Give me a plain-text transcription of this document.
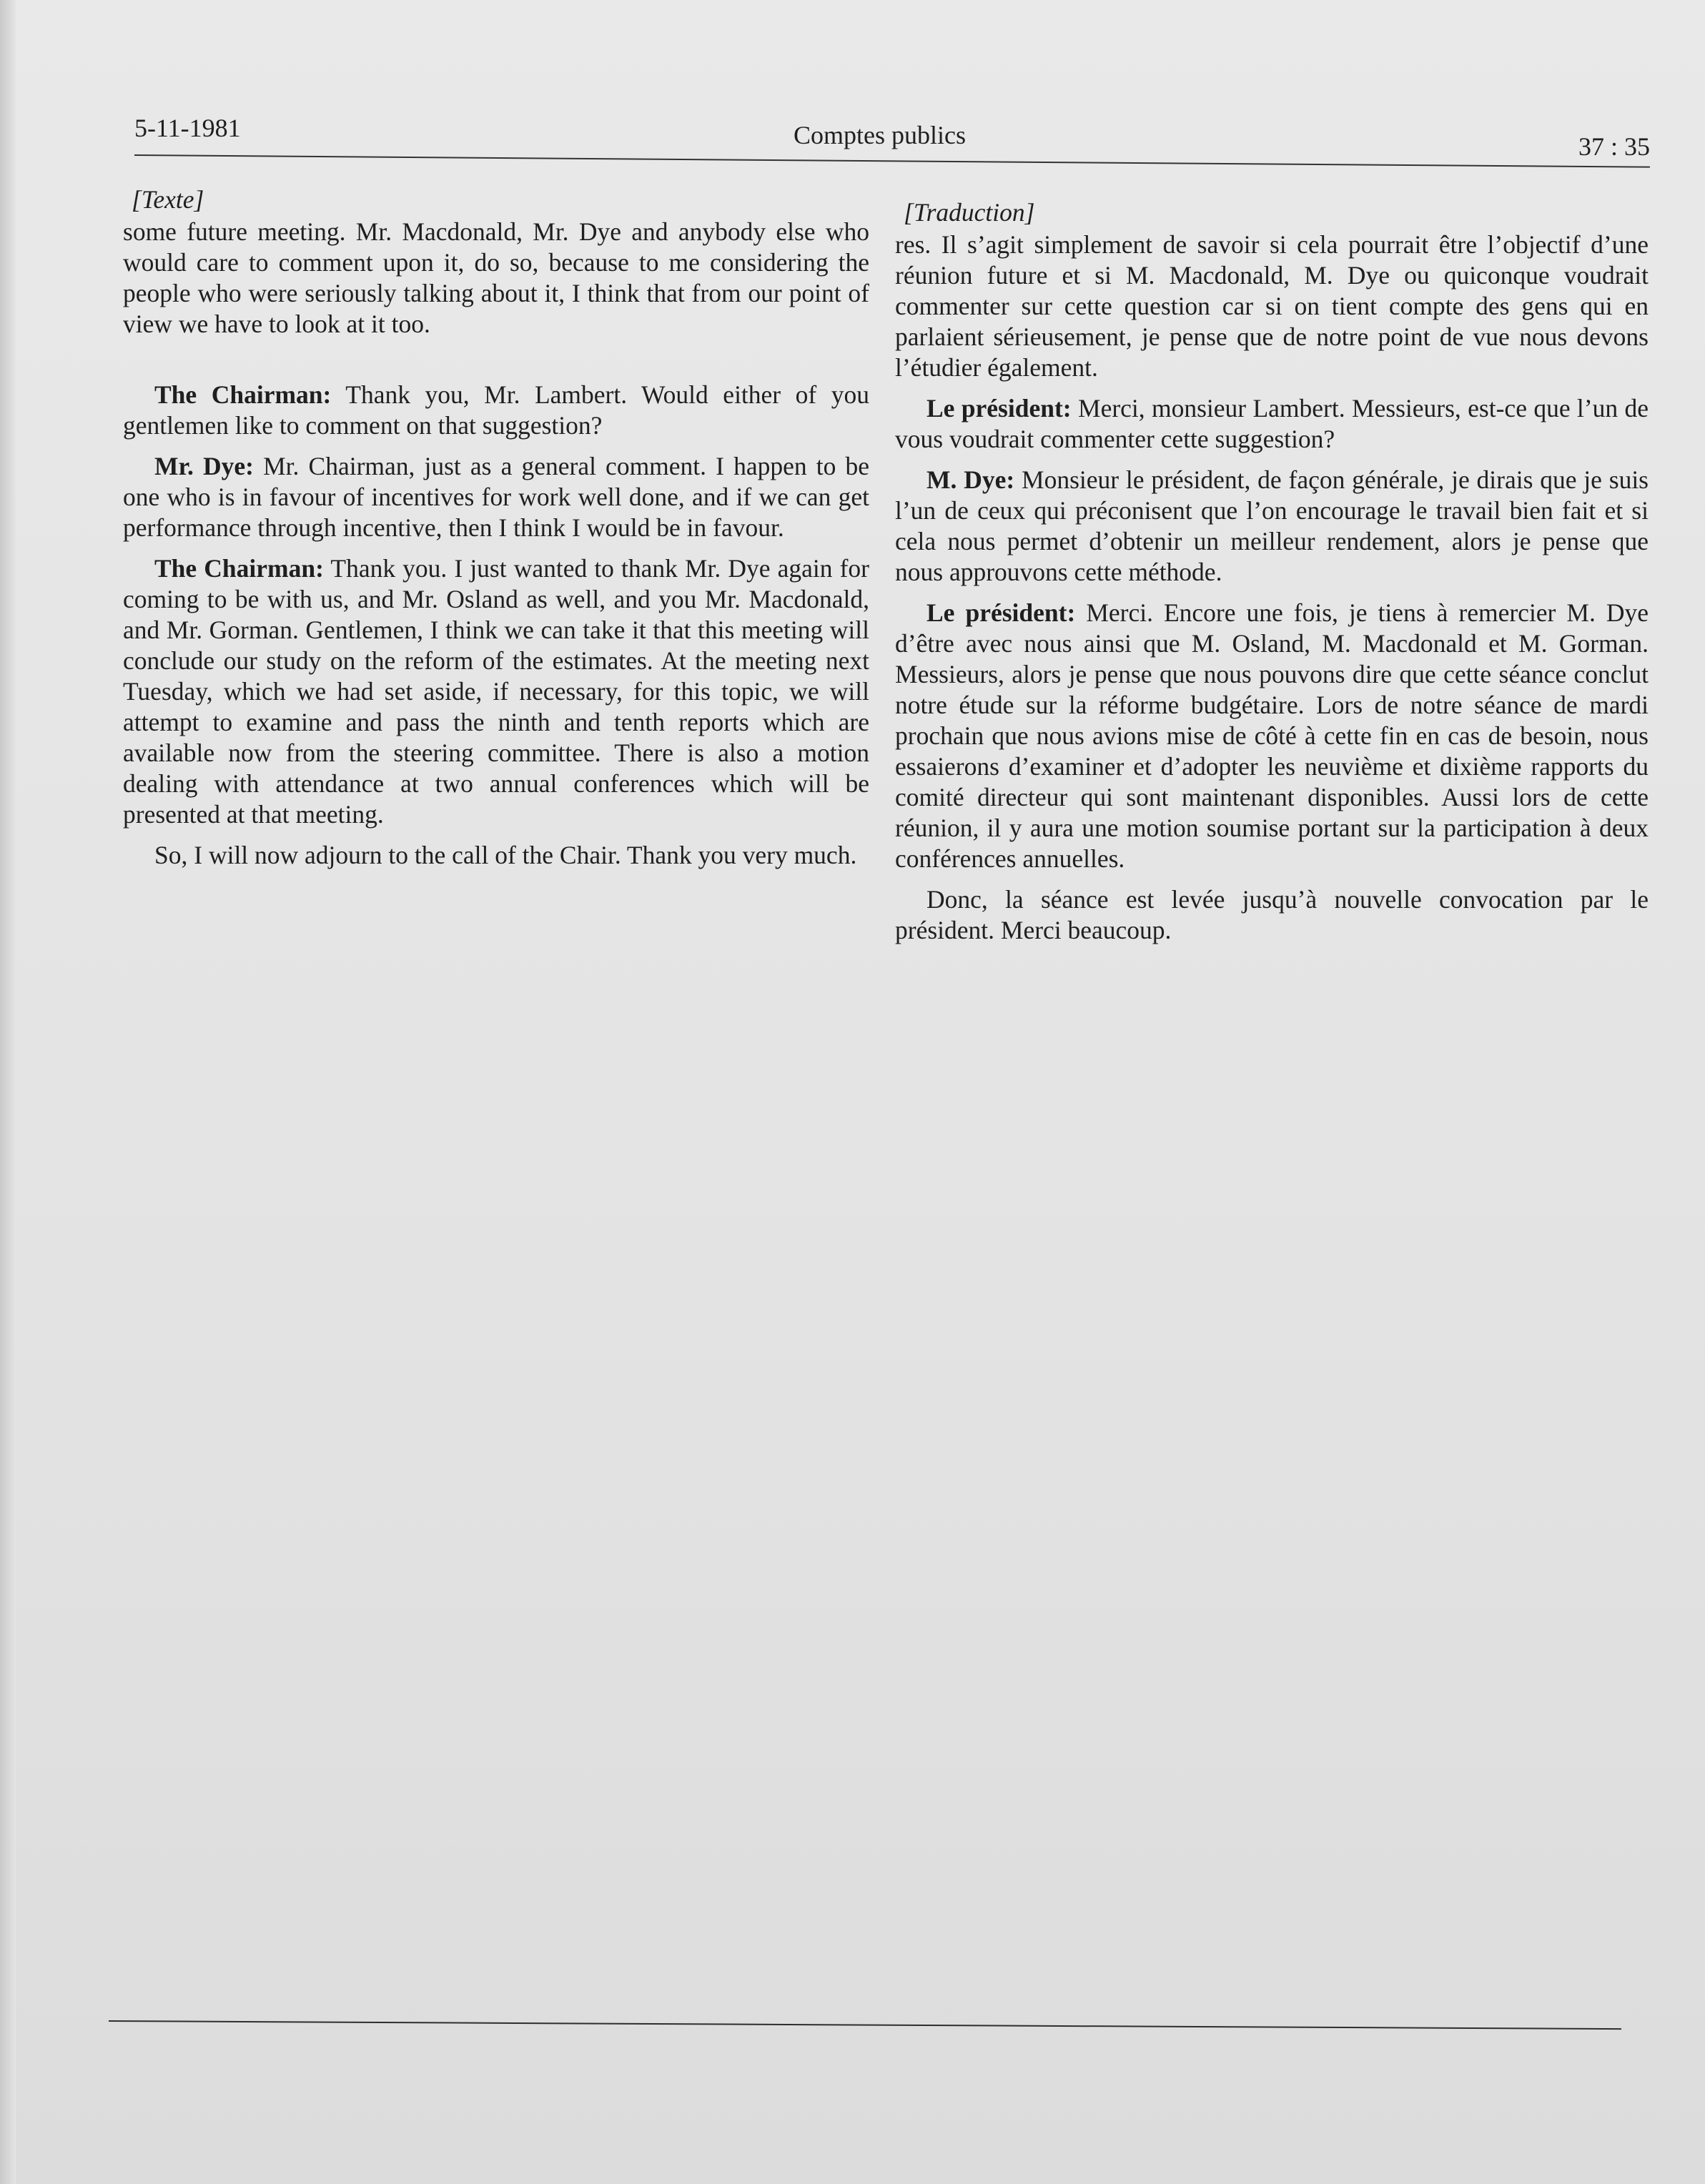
5-11-1981	Comptes publics	37 : 35
[Texte]

some future meeting. Mr. Macdonald, Mr. Dye and anybody else who would care to comment upon it, do so, because to me considering the people who were seriously talking about it, I think that from our point of view we have to look at it too.

The Chairman: Thank you, Mr. Lambert. Would either of you gentlemen like to comment on that suggestion?

Mr. Dye: Mr. Chairman, just as a general comment. I happen to be one who is in favour of incentives for work well done, and if we can get performance through incentive, then I think I would be in favour.

The Chairman: Thank you. I just wanted to thank Mr. Dye again for coming to be with us, and Mr. Osland as well, and you Mr. Macdonald, and Mr. Gorman. Gentlemen, I think we can take it that this meeting will conclude our study on the reform of the estimates. At the meeting next Tuesday, which we had set aside, if necessary, for this topic, we will attempt to examine and pass the ninth and tenth reports which are available now from the steering committee. There is also a motion dealing with attendance at two annual conferences which will be presented at that meeting.

So, I will now adjourn to the call of the Chair. Thank you very much.

[Traduction]

res. Il s’agit simplement de savoir si cela pourrait être l’objectif d’une réunion future et si M. Macdonald, M. Dye ou quiconque voudrait commenter sur cette question car si on tient compte des gens qui en parlaient sérieusement, je pense que de notre point de vue nous devons l’étudier également.

Le président: Merci, monsieur Lambert. Messieurs, est-ce que l’un de vous voudrait commenter cette suggestion?

M. Dye: Monsieur le président, de façon générale, je dirais que je suis l’un de ceux qui préconisent que l’on encourage le travail bien fait et si cela nous permet d’obtenir un meilleur rendement, alors je pense que nous approuvons cette méthode.

Le président: Merci. Encore une fois, je tiens à remercier M. Dye d’être avec nous ainsi que M. Osland, M. Macdonald et M. Gorman. Messieurs, alors je pense que nous pouvons dire que cette séance conclut notre étude sur la réforme budgétaire. Lors de notre séance de mardi prochain que nous avions mise de côté à cette fin en cas de besoin, nous essaierons d’examiner et d’adopter les neuvième et dixième rapports du comité directeur qui sont maintenant disponibles. Aussi lors de cette réunion, il y aura une motion soumise portant sur la participation à deux conférences annuelles.

Donc, la séance est levée jusqu’à nouvelle convocation par le président. Merci beaucoup.
